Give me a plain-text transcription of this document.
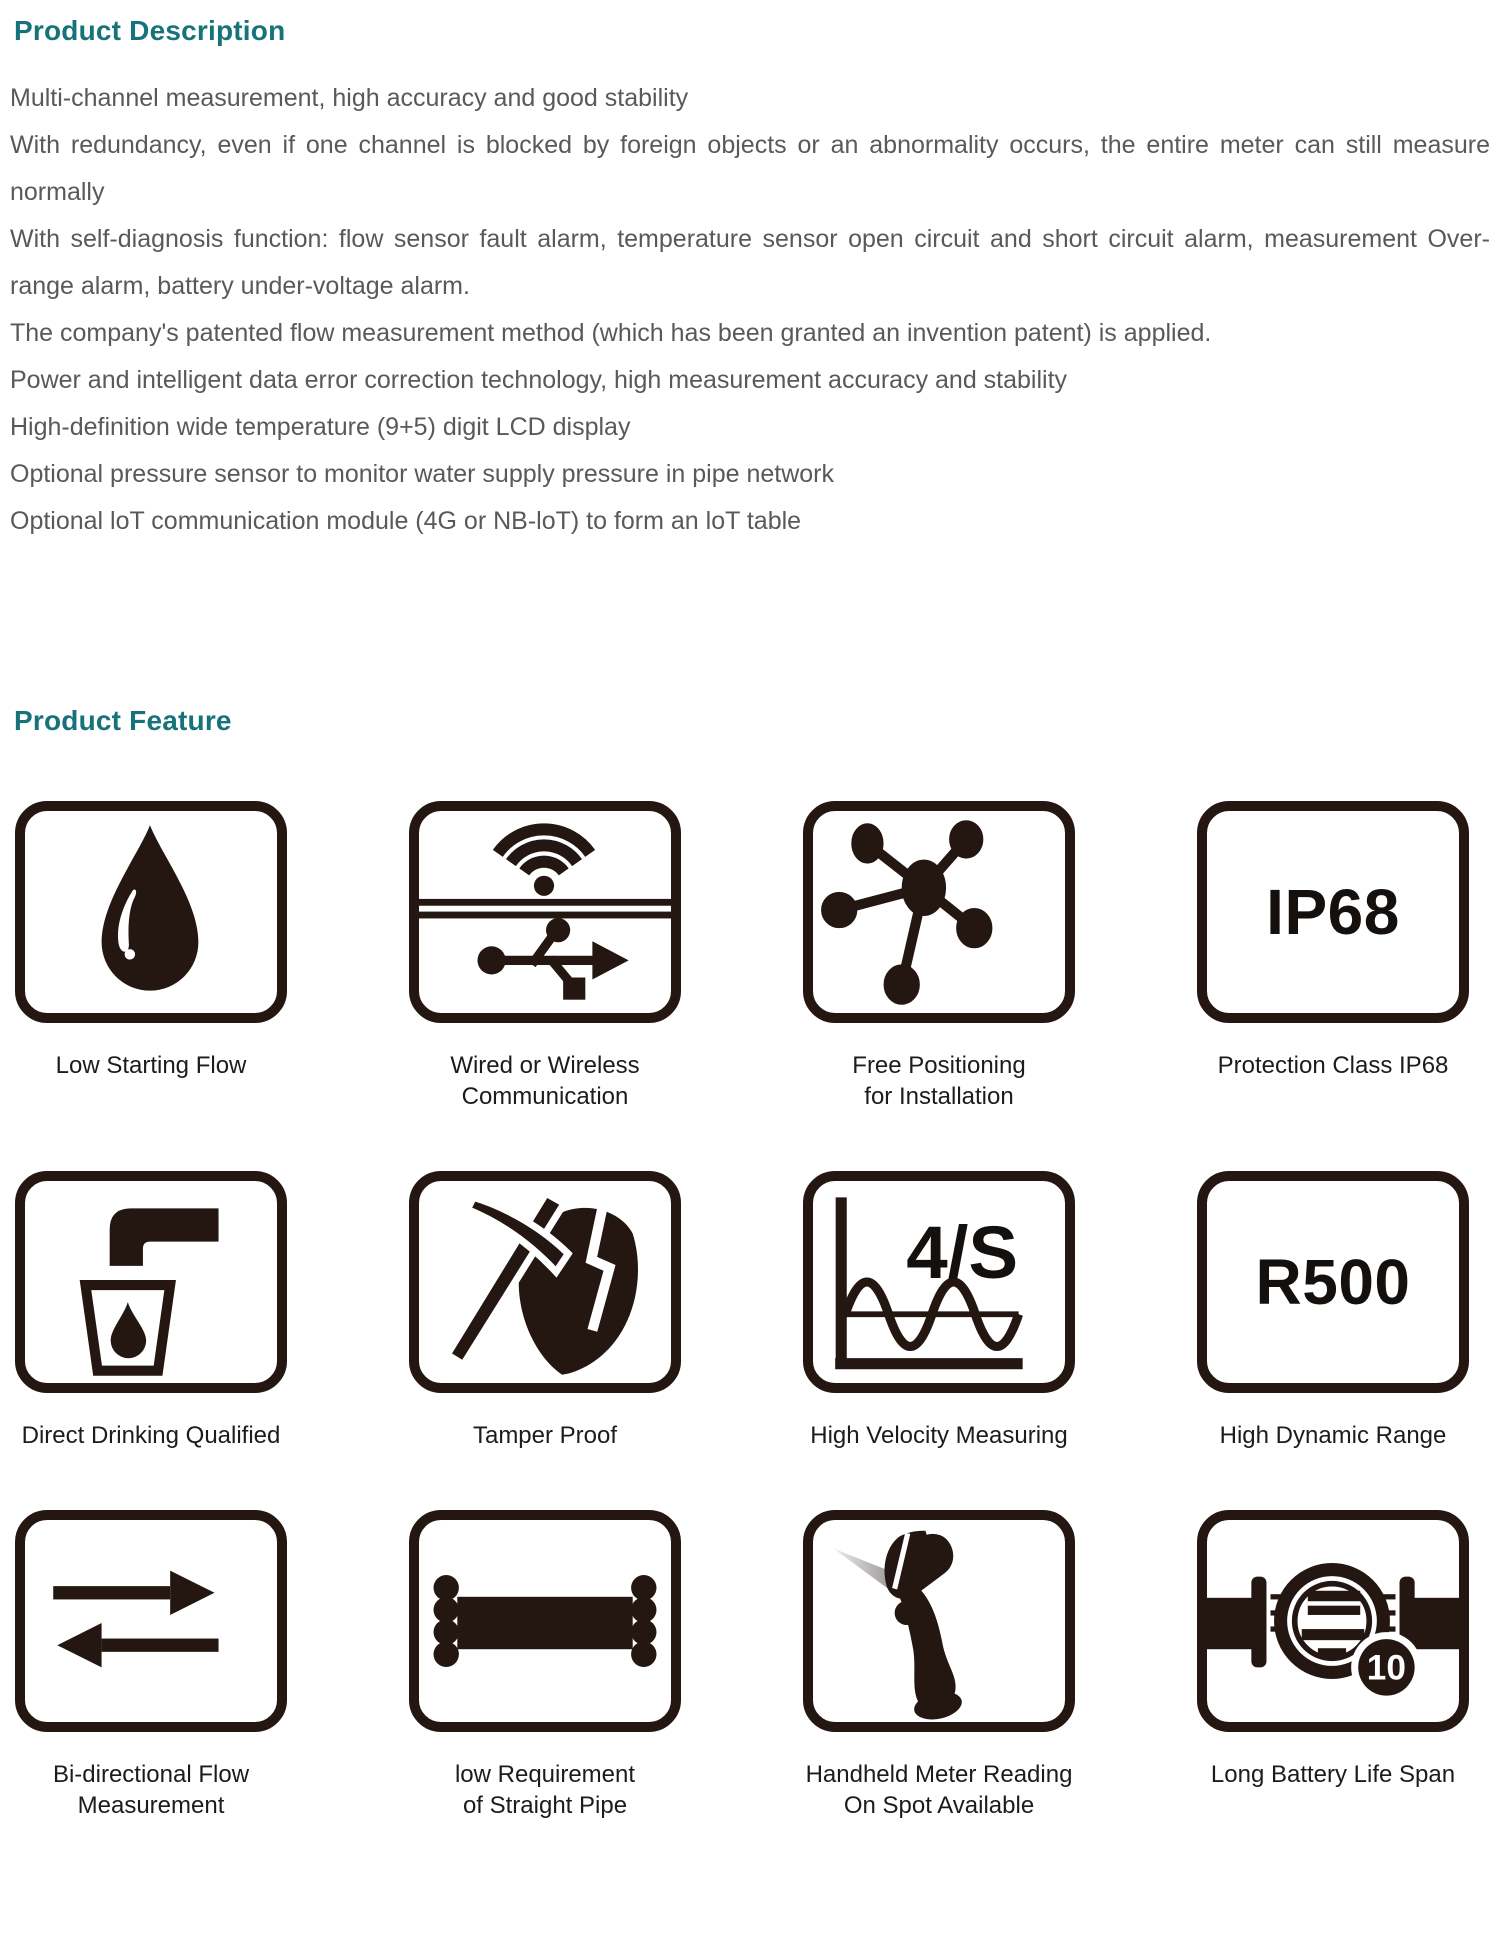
Product Description

Multi-channel measurement, high accuracy and good stability

With redundancy, even if one channel is blocked by foreign objects or an abnormality occurs, the entire meter can still measure normally

With self-diagnosis function: flow sensor fault alarm, temperature sensor open circuit and short circuit alarm, measurement Over-range alarm, battery under-voltage alarm.

The company's patented flow measurement method (which has been granted an invention patent) is applied.

Power and intelligent data error correction technology, high measurement accuracy and stability

High-definition wide temperature (9+5) digit LCD display

Optional pressure sensor to monitor water supply pressure in pipe network

Optional loT communication module (4G or NB-loT) to form an loT table

Product Feature
Low Starting Flow	Wired or Wireless
Communication
Free Positioning
for Installation
IP68
Protection Class IP68
Direct Drinking Qualified	Tamper Proof
4/S
High Velocity Measuring
R500
High Dynamic Range
Bi-directional Flow
Measurement
low Requirement
of Straight Pipe
Handheld Meter Reading
On Spot Available
10
Long Battery Life Span
